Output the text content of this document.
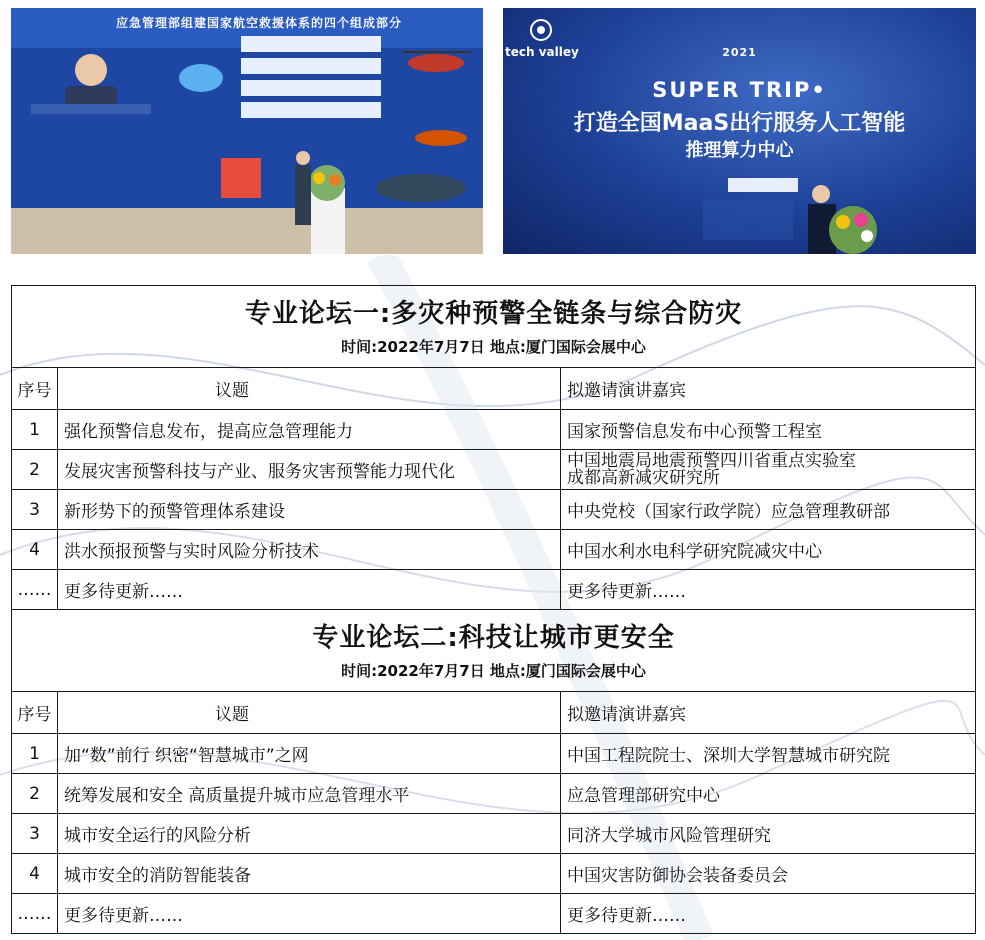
应急管理部组建国家航空救援体系的四个组成部分
tech valley	2021
SUPER TRIP•
打造全国MaaS出行服务人工智能
推理算力中心
专业论坛一:多灾种预警全链条与综合防灾
时间:2022年7月7日 地点:厦门国际会展中心		

序号	议题	拟邀请演讲嘉宾
1	强化预警信息发布，提高应急管理能力	国家预警信息发布中心预警工程室
2	发展灾害预警科技与产业、服务灾害预警能力现代化	中国地震局地震预警四川省重点实验室
成都高新减灾研究所

3	新形势下的预警管理体系建设	中央党校（国家行政学院）应急管理教研部
4	洪水预报预警与实时风险分析技术	中国水利水电科学研究院减灾中心
……	更多待更新……	更多待更新……

专业论坛二:科技让城市更安全
时间:2022年7月7日 地点:厦门国际会展中心		

序号	议题	拟邀请演讲嘉宾
1	加“数”前行 织密“智慧城市”之网	中国工程院院士、深圳大学智慧城市研究院
2	统筹发展和安全 高质量提升城市应急管理水平	应急管理部研究中心
3	城市安全运行的风险分析	同济大学城市风险管理研究
4	城市安全的消防智能装备	中国灾害防御协会装备委员会
……	更多待更新……	更多待更新……
